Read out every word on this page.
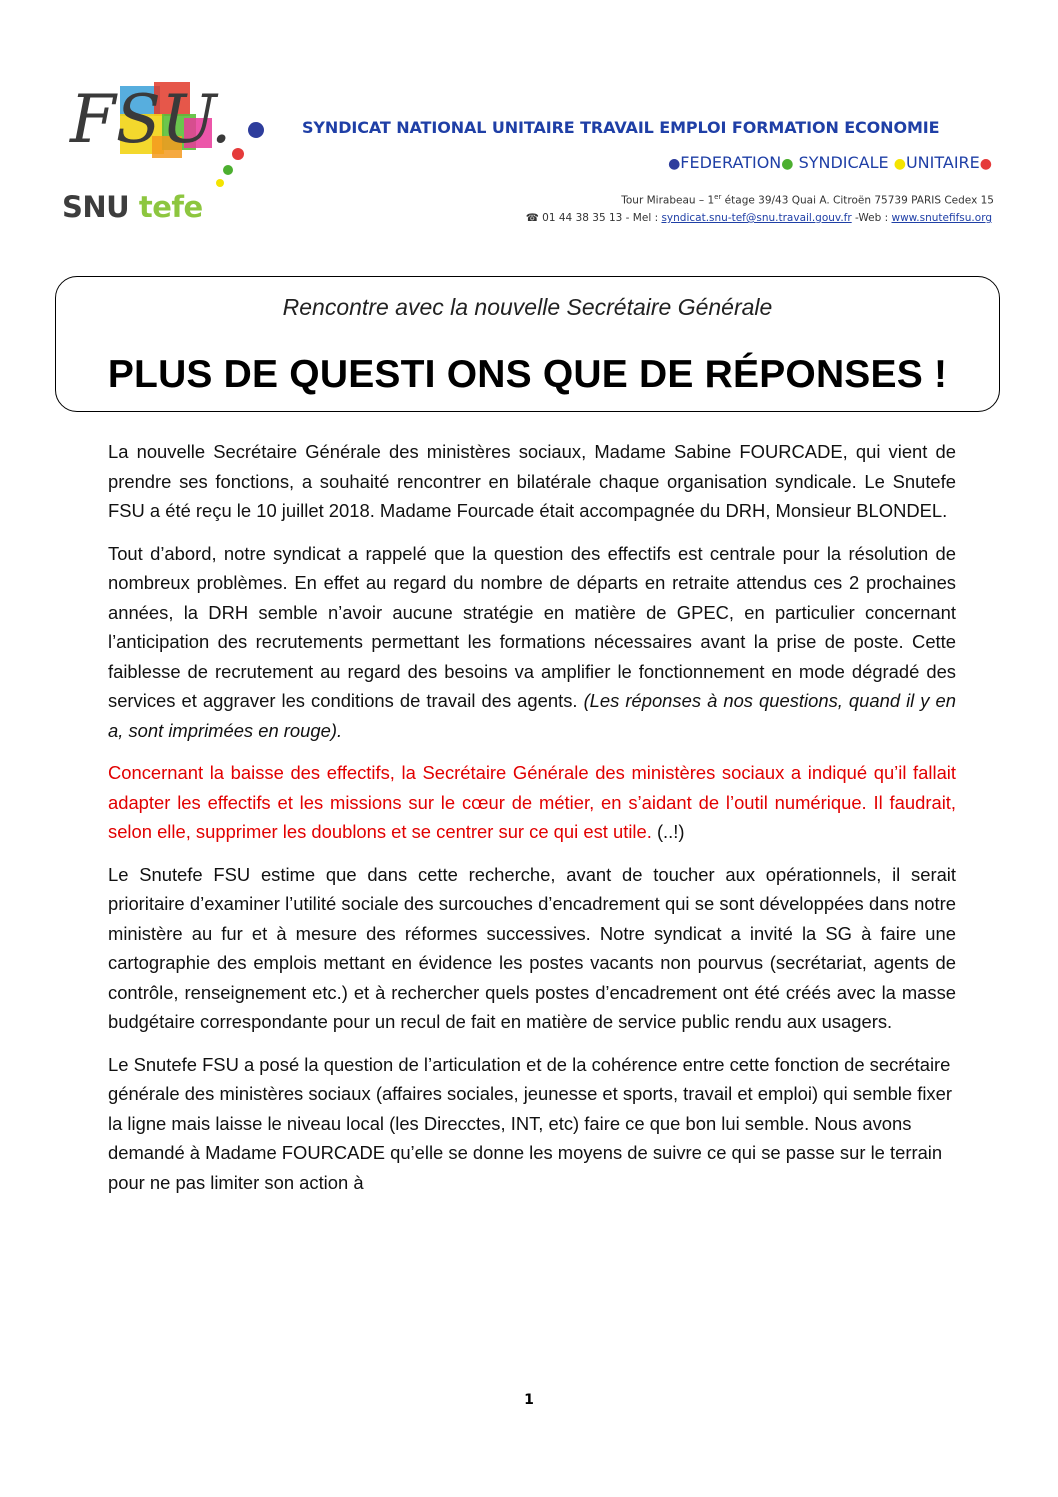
FSU.
SNU tefe
SYNDICAT NATIONAL UNITAIRE TRAVAIL EMPLOI FORMATION ECONOMIE
●FEDERATION● SYNDICALE ●UNITAIRE●
Tour Mirabeau – 1er étage 39/43 Quai A. Citroën 75739 PARIS Cedex 15
☎ 01 44 38 35 13 - Mel : syndicat.snu-tef@snu.travail.gouv.fr -Web : www.snutefifsu.org
Rencontre avec la nouvelle Secrétaire Générale
PLUS DE QUESTI ONS QUE DE RÉPONSES !

La nouvelle Secrétaire Générale des ministères sociaux, Madame Sabine FOURCADE, qui vient de prendre ses fonctions, a souhaité rencontrer en bilatérale chaque organisation syndicale. Le Snutefe FSU a été reçu le 10 juillet 2018. Madame Fourcade était accompagnée du DRH, Monsieur BLONDEL.

Tout d’abord, notre syndicat a rappelé que la question des effectifs est centrale pour la résolution de nombreux problèmes. En effet au regard du nombre de départs en retraite attendus ces 2 prochaines années, la DRH semble n’avoir aucune stratégie en matière de GPEC, en particulier concernant l’anticipation des recrutements permettant les formations nécessaires avant la prise de poste. Cette faiblesse de recrutement au regard des besoins va amplifier le fonctionnement en mode dégradé des services et aggraver les conditions de travail des agents. (Les réponses à nos questions, quand il y en a, sont imprimées en rouge).

Concernant la baisse des effectifs, la Secrétaire Générale des ministères sociaux a indiqué qu’il fallait adapter les effectifs et les missions sur le cœur de métier, en s’aidant de l’outil numérique. Il faudrait, selon elle, supprimer les doublons et se centrer sur ce qui est utile. (..!)

Le Snutefe FSU estime que dans cette recherche, avant de toucher aux opérationnels, il serait prioritaire d’examiner l’utilité sociale des surcouches d’encadrement qui se sont développées dans notre ministère au fur et à mesure des réformes successives. Notre syndicat a invité la SG à faire une cartographie des emplois mettant en évidence les postes vacants non pourvus (secrétariat, agents de contrôle, renseignement etc.) et à rechercher quels postes d’encadrement ont été créés avec la masse budgétaire correspondante pour un recul de fait en matière de service public rendu aux usagers.

Le Snutefe FSU a posé la question de l’articulation et de la cohérence entre cette fonction de secrétaire générale des ministères sociaux (affaires sociales, jeunesse et sports, travail et emploi) qui semble fixer la ligne mais laisse le niveau local (les Direcctes, INT, etc) faire ce que bon lui semble. Nous avons demandé à Madame FOURCADE qu’elle se donne les moyens de suivre ce qui se passe sur le terrain pour ne pas limiter son action à

1
